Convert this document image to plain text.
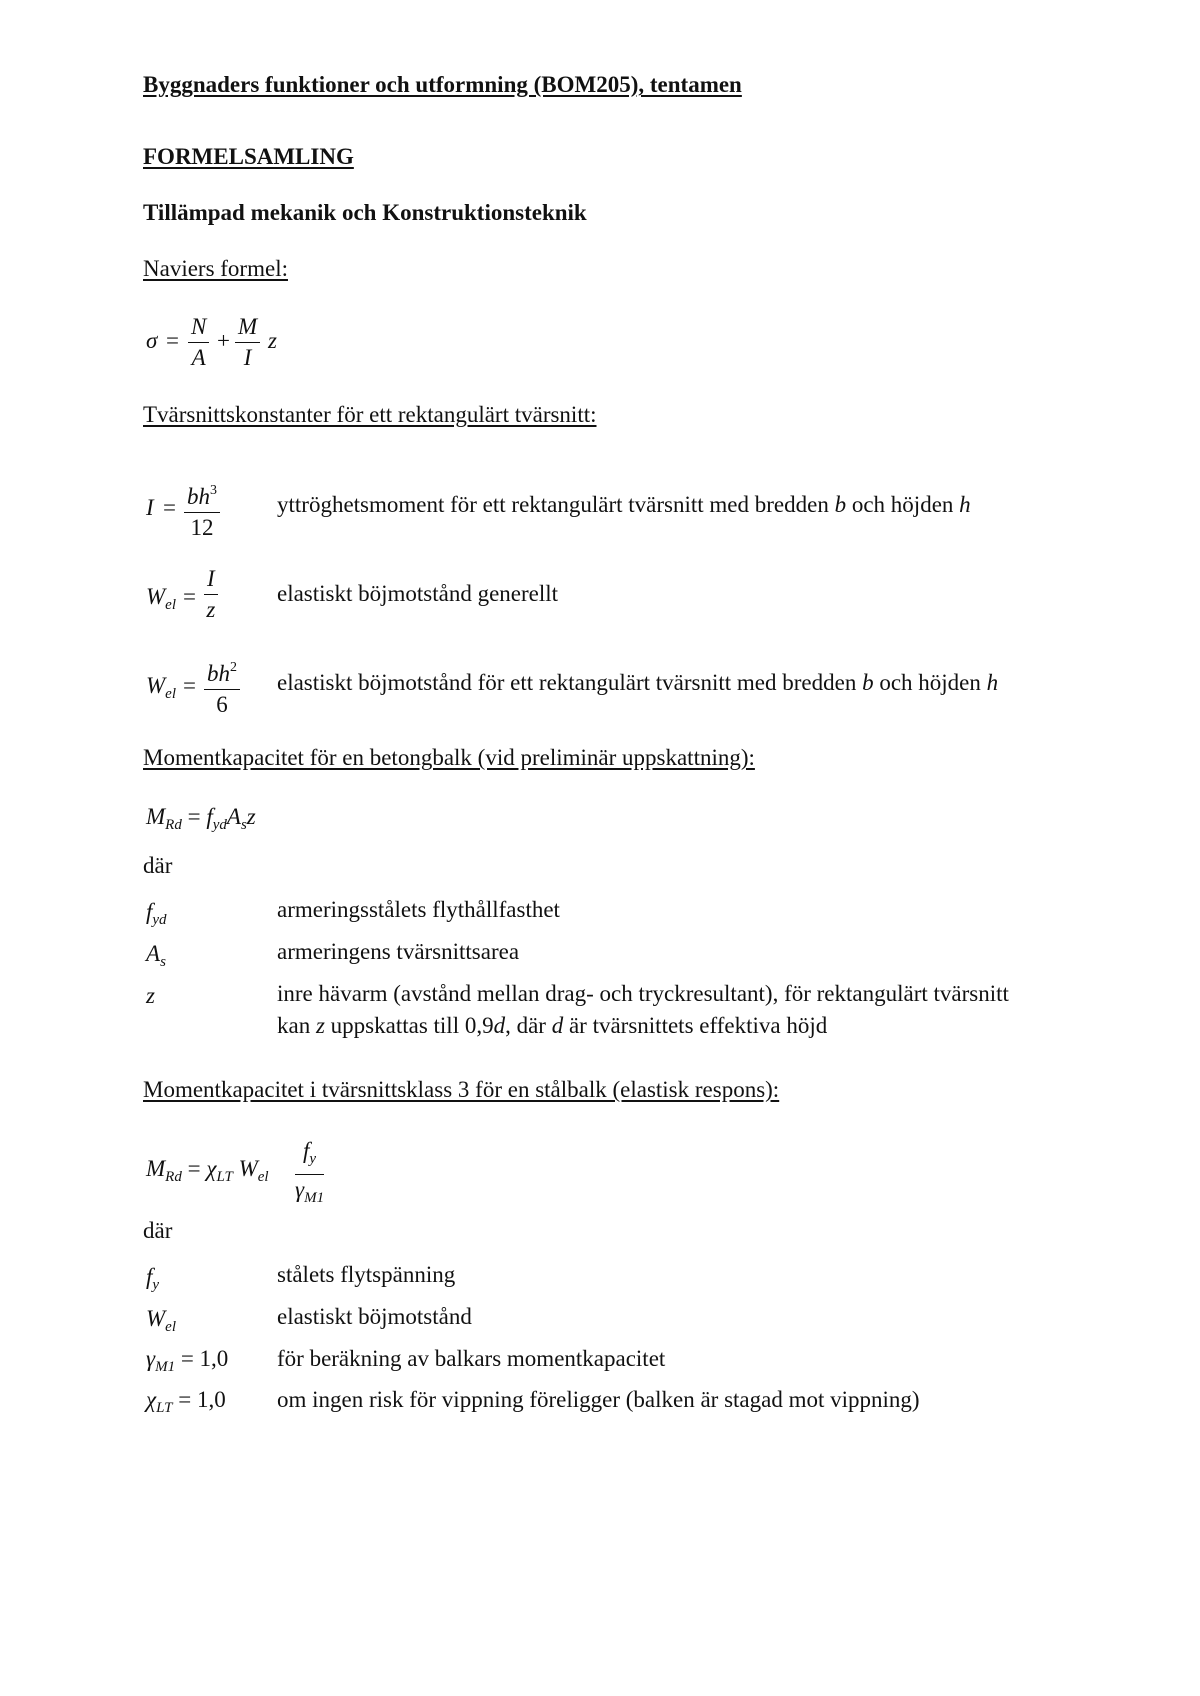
Byggnaders funktioner och utformning (BOM205), tentamen
FORMELSAMLING
Tillämpad mekanik och Konstruktionsteknik
Naviers formel:
$\sigma = \frac{N}{A} + \frac{M}{I}$ z
Tvärsnittskonstanter för ett rektangulärt tvärsnitt:
$I = \frac{bh^3}{12}$ yttröghetsmoment för ett rektangulärt tvärsnitt med bredden b och höjden h
$W_{el} = \frac{I}{z}$	elastiskt böjmotstånd generellt
$W_{el} = \frac{bh^2}{6}$ elastiskt böjmotstånd för ett rektangulärt tvärsnitt med bredden b och höjden h
Momentkapacitet för en betongbalk (vid preliminär uppskattning):
$M_{Rd} = f_{yd}A_sz$
där
$f_{yd}$	armeringsstålets flythållfasthet
$A_s$	armeringens tvärsnittsarea
z	inre hävarm (avstånd mellan drag- och tryckresultant), för rektangulärt tvärsnitt
kan z uppskattas till 0,9d, där d är tvärsnittets effektiva höjd
Momentkapacitet i tvärsnittsklass 3 för en stålbalk (elastisk respons):
$M_{Rd} = \chi_{LT}$ $W_{el} \frac{f_y}{\gamma_{M1}}$
där
$f_y$	stålets flytspänning
$W_{el}$	elastiskt böjmotstånd
$\gamma_{M1} = 1,0$ för beräkning av balkars momentkapacitet
$\chi_{LT} = 1,0$ om ingen risk för vippning föreligger (balken är stagad mot vippning)
